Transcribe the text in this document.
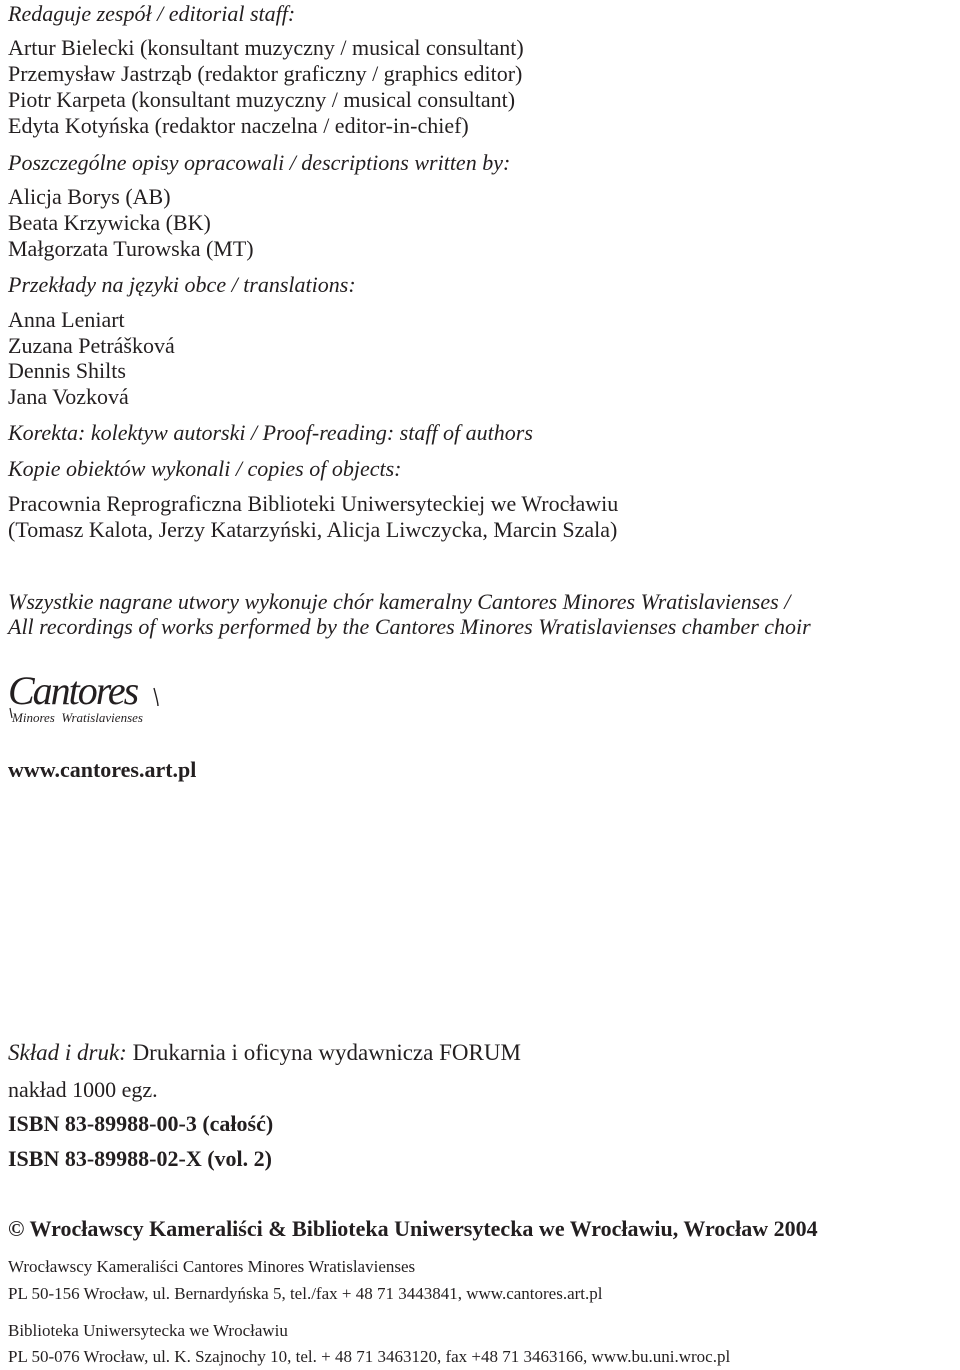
Redaguje zespół / editorial staff:

Artur Bielecki (konsultant muzyczny / musical consultant)

Przemysław Jastrząb (redaktor graficzny / graphics editor)

Piotr Karpeta (konsultant muzyczny / musical consultant)

Edyta Kotyńska (redaktor naczelna / editor-in-chief)

Poszczególne opisy opracowali / descriptions written by:

Alicja Borys (AB)

Beata Krzywicka (BK)

Małgorzata Turowska (MT)

Przekłady na języki obce / translations:

Anna Leniart

Zuzana Petrášková

Dennis Shilts

Jana Vozková

Korekta: kolektyw autorski / Proof-reading: staff of authors

Kopie obiektów wykonali / copies of objects:

Pracownia Reprograficzna Biblioteki Uniwersyteckiej we Wrocławiu

(Tomasz Kalota, Jerzy Katarzyński, Alicja Liwczycka, Marcin Szala)

Wszystkie nagrane utwory wykonuje chór kameralny Cantores Minores Wratislavienses /

All recordings of works performed by the Cantores Minores Wratislavienses chamber choir

Cantores
Minores  Wratislavienses

www.cantores.art.pl

Skład i druk: Drukarnia i oficyna wydawnicza FORUM

nakład 1000 egz.

ISBN 83-89988-00-3 (całość)

ISBN 83-89988-02-X (vol. 2)

© Wrocławscy Kameraliści & Biblioteka Uniwersytecka we Wrocławiu, Wrocław 2004

Wrocławscy Kameraliści Cantores Minores Wratislavienses

PL 50-156 Wrocław, ul. Bernardyńska 5, tel./fax + 48 71 3443841, www.cantores.art.pl

Biblioteka Uniwersytecka we Wrocławiu

PL 50-076 Wrocław, ul. K. Szajnochy 10, tel. + 48 71 3463120, fax +48 71 3463166, www.bu.uni.wroc.pl
